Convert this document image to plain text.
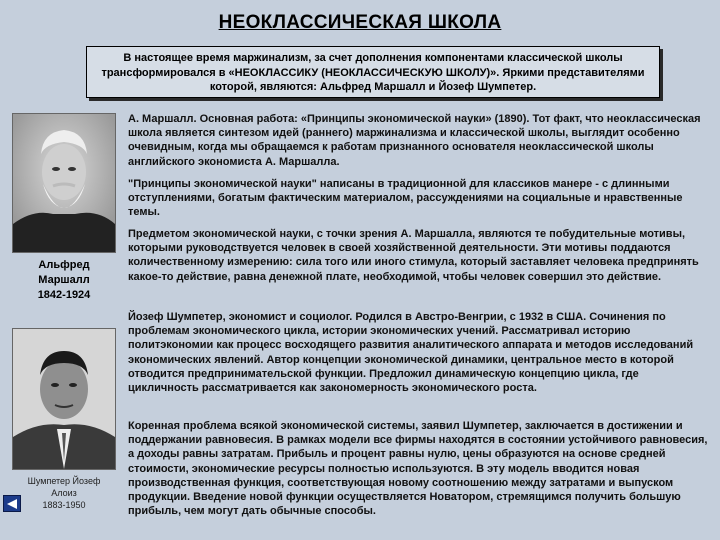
НЕОКЛАССИЧЕСКАЯ ШКОЛА
В настоящее время маржинализм, за счет дополнения компонентами классической школы трансформировался в «НЕОКЛАССИКУ (НЕОКЛАССИЧЕСКУЮ ШКОЛУ)». Яркими представителями которой, являются: Альфред Маршалл и Йозеф Шумпетер.
Альфред
Маршалл
1842-1924
А. Маршалл. Основная работа: «Принципы экономической науки» (1890). Тот факт, что неоклассическая школа является синтезом идей (раннего) маржинализма и классической школы, выглядит особенно очевидным, когда мы обращаемся к работам признанного основателя неоклассической школы английского экономиста А. Маршалла.
"Принципы экономической науки" написаны в традиционной для классиков манере - с длинными отступлениями, богатым фактическим материалом, рассуждениями на социальные и нравственные темы.
Предметом экономической науки, с точки зрения А. Маршалла, являются те побудительные мотивы, которыми руководствуется человек в своей хозяйственной деятельности. Эти мотивы поддаются количественному измерению: сила того или иного стимула, который заставляет человека предпринять какое-то действие, равна денежной плате, необходимой, чтобы человек совершил это действие.
Шумпетер Йозеф
Алоиз
1883-1950
Йозеф Шумпетер, экономист и социолог. Родился в Австро-Венгрии, с 1932 в США. Сочинения по проблемам экономического цикла, истории экономических учений. Рассматривал историю политэкономии как процесс восходящего развития аналитического аппарата и методов исследований экономических явлений. Автор концепции экономической динамики, центральное место в которой отводится предпринимательской функции. Предложил динамическую концепцию цикла, где цикличность рассматривается как закономерность экономического роста.
Коренная проблема всякой экономической системы, заявил Шумпетер, заключается в достижении и поддержании равновесия. В рамках модели все фирмы находятся в состоянии устойчивого равновесия, а доходы равны затратам. Прибыль и процент равны нулю, цены образуются на основе средней стоимости, экономические ресурсы полностью используются. В эту модель вводится новая производственная функция, соответствующая новому соотношению между затратами и выпуском продукции. Введение новой функции осуществляется Новатором, стремящимся получить большую прибыль, чем могут дать обычные способы.
